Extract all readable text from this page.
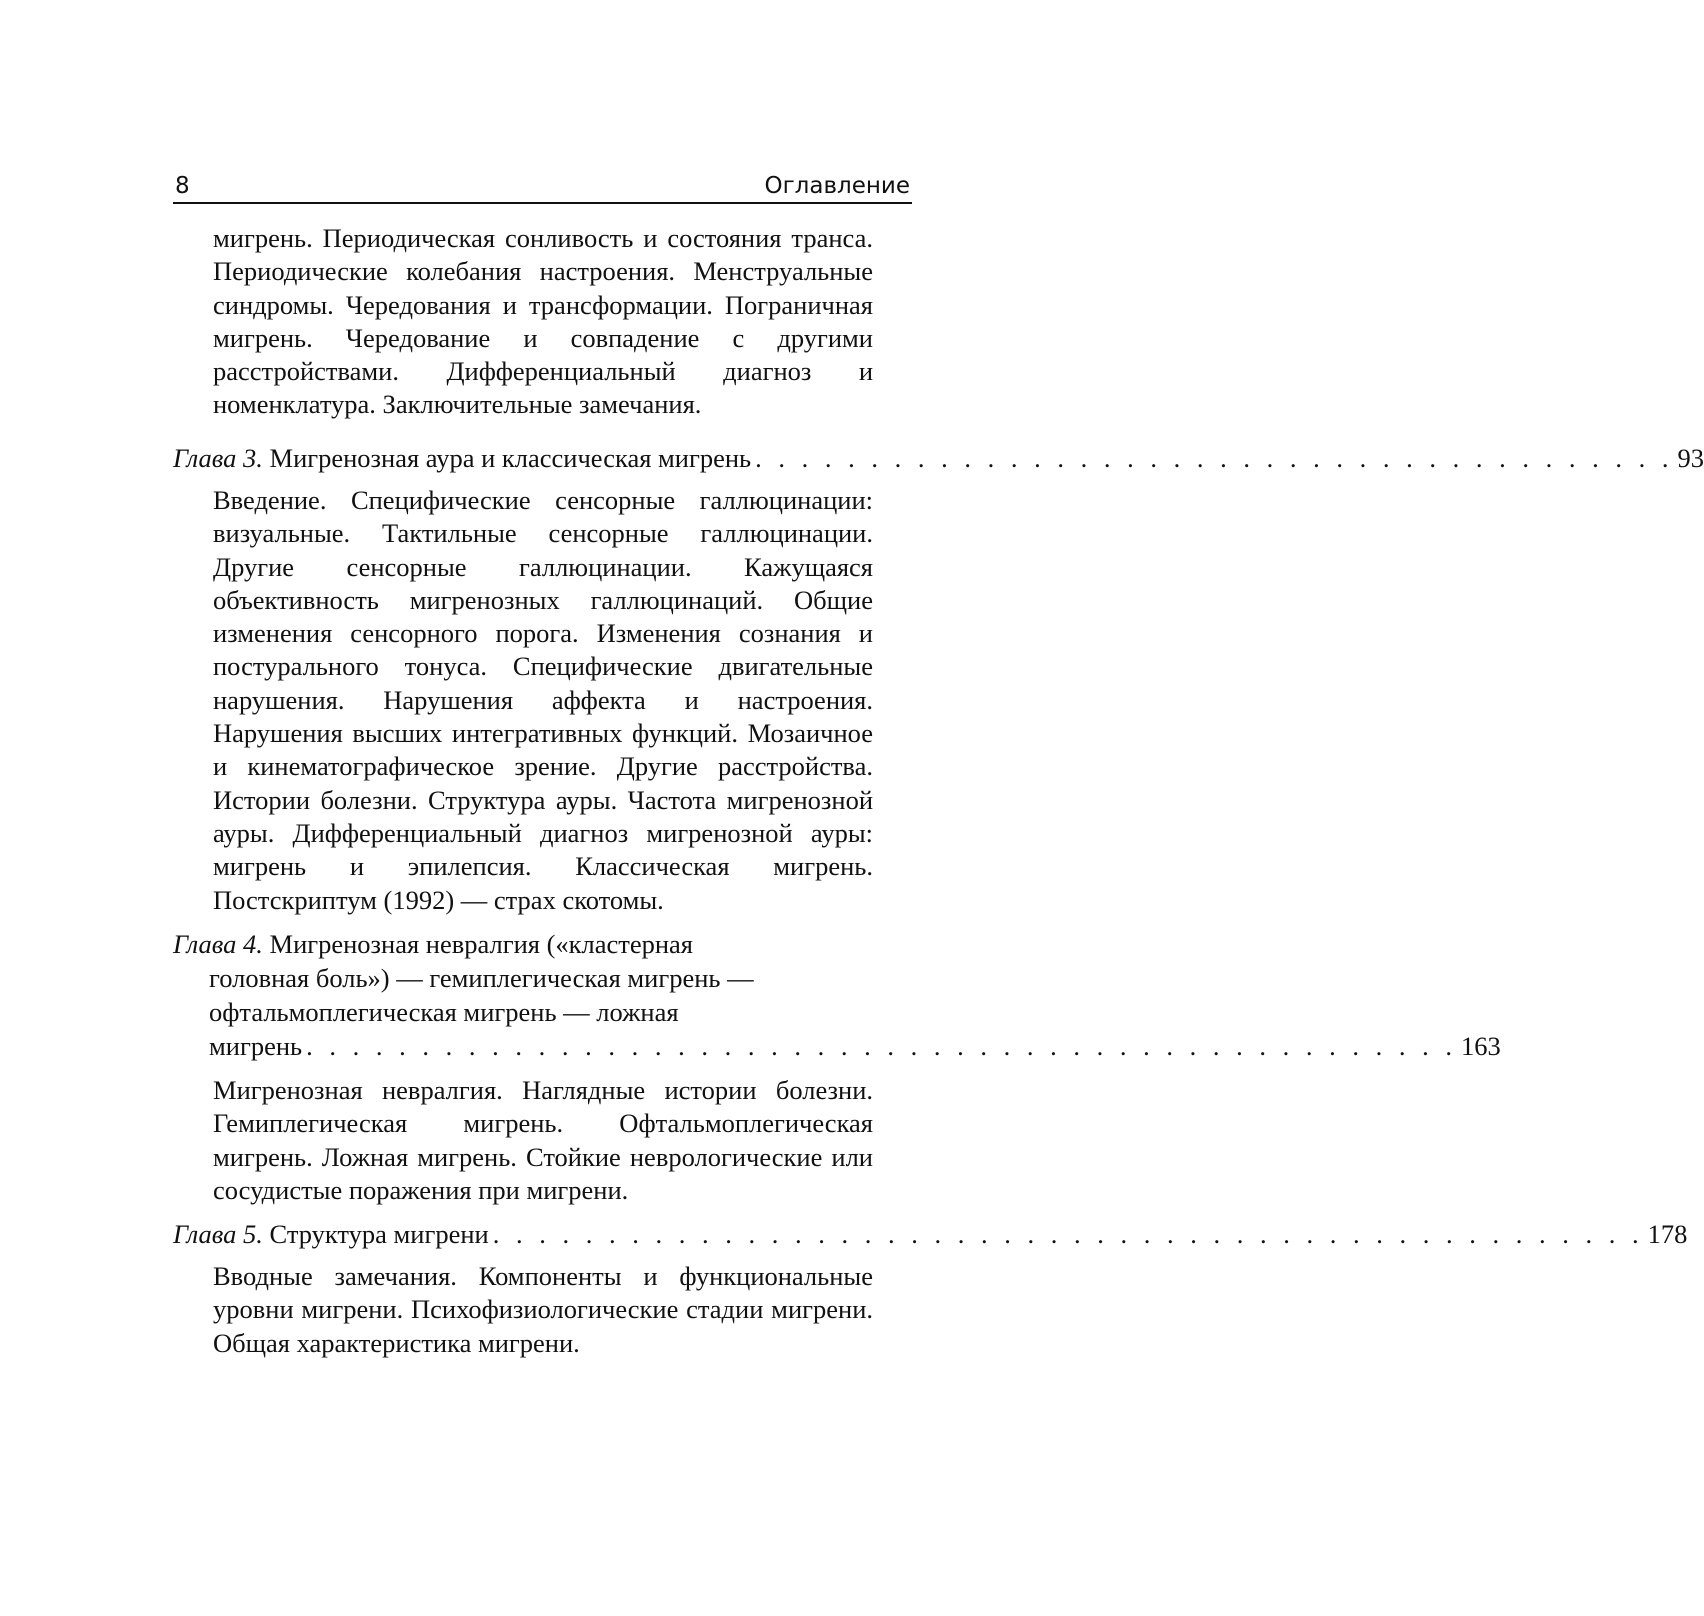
8	Оглавление

мигрень. Периодическая сонливость и состояния транса. Периодические колебания настроения. Менструальные синдромы. Чередования и трансформации. Пограничная мигрень. Чередование и совпадение с другими расстройствами. Дифференциальный диагноз и номенклатура. Заключительные замечания.

Глава 3.
Мигренозная аура и классическая мигрень . . . . . . . . . . . . . . . . . . . . . . . . . . . . . . . . . . . . . . . . 93

Введение. Специфические сенсорные галлюцинации: визуальные. Тактильные сенсорные галлюцинации. Другие сенсорные галлюцинации. Кажущаяся объективность мигренозных галлюцинаций. Общие изменения сенсорного порога. Изменения сознания и постурального тонуса. Специфические двигательные нарушения. Нарушения аффекта и настроения. Нарушения высших интегративных функций. Мозаичное и кинематографическое зрение. Другие расстройства. Истории болезни. Структура ауры. Частота мигренозной ауры. Дифференциальный диагноз мигренозной ауры: мигрень и эпилепсия. Классическая мигрень. Постскриптум (1992) — страх скотомы.

Глава 4. Мигренозная невралгия («кластерная
головная боль») — гемиплегическая мигрень —
офтальмоплегическая мигрень — ложная
мигрень . . . . . . . . . . . . . . . . . . . . . . . . . . . . . . . . . . . . . . . . . . . . . . . . . . 163

Мигренозная невралгия. Наглядные истории болезни. Гемиплегическая мигрень. Офтальмоплегическая мигрень. Ложная мигрень. Стойкие неврологические или сосудистые поражения при мигрени.

Глава 5.
Структура мигрени . . . . . . . . . . . . . . . . . . . . . . . . . . . . . . . . . . . . . . . . . . . . . . . . . . 178

Вводные замечания. Компоненты и функциональные уровни мигрени. Психофизиологические стадии мигрени. Общая характеристика мигрени.
